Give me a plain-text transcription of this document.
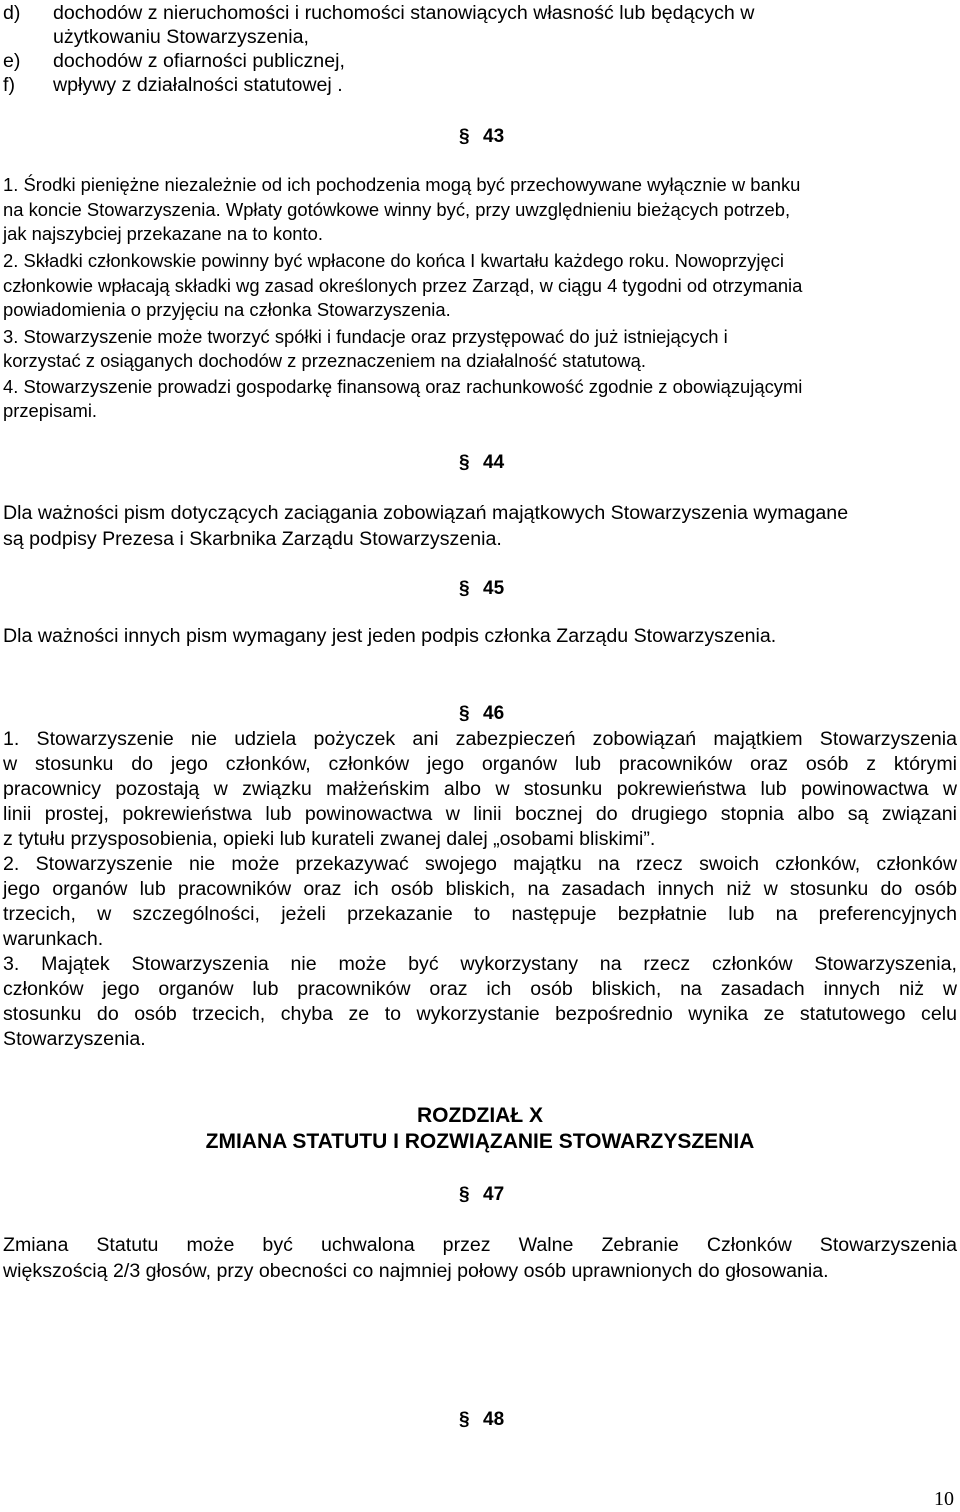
d) dochodów z nieruchomości i ruchomości stanowiących własność lub będących w
użytkowaniu Stowarzyszenia,
e) dochodów z ofiarności publicznej,
f) wpływy z działalności statutowej .
§ 43
1. Środki pieniężne niezależnie od ich pochodzenia mogą być przechowywane wyłącznie w banku
na koncie Stowarzyszenia. Wpłaty gotówkowe winny być, przy uwzględnieniu bieżących potrzeb,
jak najszybciej przekazane na to konto.
2. Składki członkowskie powinny być wpłacone do końca I kwartału każdego roku. Nowoprzyjęci
członkowie wpłacają składki wg zasad określonych przez Zarząd, w ciągu 4 tygodni od otrzymania
powiadomienia o przyjęciu na członka Stowarzyszenia.
3. Stowarzyszenie może tworzyć spółki i fundacje oraz przystępować do już istniejących i
korzystać z osiąganych dochodów z przeznaczeniem na działalność statutową.
4. Stowarzyszenie prowadzi gospodarkę finansową oraz rachunkowość zgodnie z obowiązującymi
przepisami.
§ 44
Dla ważności pism dotyczących zaciągania zobowiązań majątkowych Stowarzyszenia wymagane
są podpisy Prezesa i Skarbnika Zarządu Stowarzyszenia.
§ 45
Dla ważności innych pism wymagany jest jeden podpis członka Zarządu Stowarzyszenia.
§ 46
1. Stowarzyszenie nie udziela pożyczek ani zabezpieczeń zobowiązań majątkiem Stowarzyszenia
w stosunku do jego członków, członków jego organów lub pracowników oraz osób z którymi
pracownicy pozostają w związku małżeńskim albo w stosunku pokrewieństwa lub powinowactwa w
linii prostej, pokrewieństwa lub powinowactwa w linii bocznej do drugiego stopnia albo są związani
z tytułu przysposobienia, opieki lub kurateli zwanej dalej „osobami bliskimi”.
2. Stowarzyszenie nie może przekazywać swojego majątku na rzecz swoich członków, członków
jego organów lub pracowników oraz ich osób bliskich, na zasadach innych niż w stosunku do osób
trzecich, w szczególności, jeżeli przekazanie to następuje bezpłatnie lub na preferencyjnych
warunkach.
3. Majątek Stowarzyszenia nie może być wykorzystany na rzecz członków Stowarzyszenia,
członków jego organów lub pracowników oraz ich osób bliskich, na zasadach innych niż w
stosunku do osób trzecich, chyba ze to wykorzystanie bezpośrednio wynika ze statutowego celu
Stowarzyszenia.
ROZDZIAŁ X
ZMIANA STATUTU I ROZWIĄZANIE STOWARZYSZENIA
§ 47
Zmiana Statutu może być uchwalona przez Walne Zebranie Członków Stowarzyszenia
większością 2/3 głosów, przy obecności co najmniej połowy osób uprawnionych do głosowania.
§ 48
10
